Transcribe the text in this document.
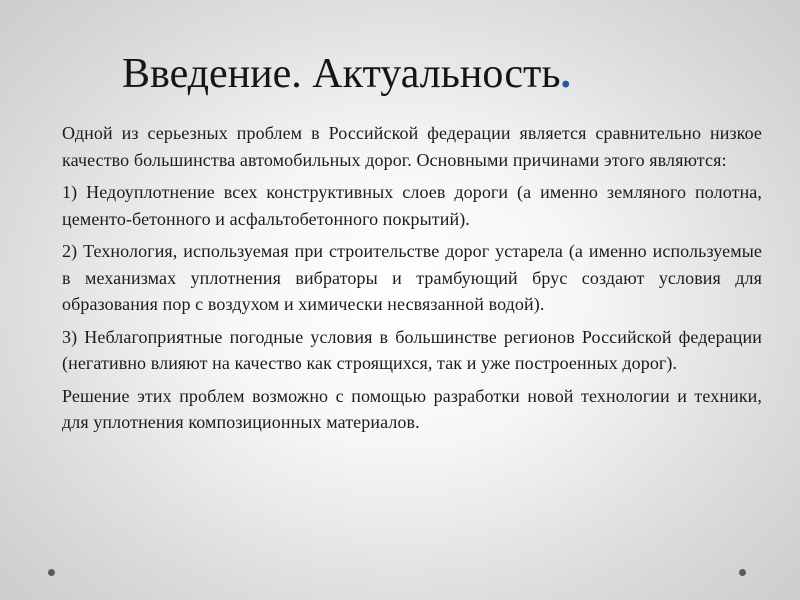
Введение. Актуальность.

Одной из серьезных проблем в Российской федерации является сравнительно низкое качество большинства автомобильных дорог. Основными причинами этого являются:

1) Недоуплотнение всех конструктивных слоев дороги (а именно земляного полотна, цементо-бетонного и асфальтобетонного покрытий).

2) Технология, используемая при строительстве дорог устарела (а именно используемые в механизмах уплотнения вибраторы и трамбующий брус создают условия для образования пор с воздухом и химически несвязанной водой).

3) Неблагоприятные погодные условия в большинстве регионов Российской федерации (негативно влияют на качество как строящихся, так и уже построенных дорог).

Решение этих проблем возможно с помощью разработки новой технологии и техники, для уплотнения композиционных материалов.
